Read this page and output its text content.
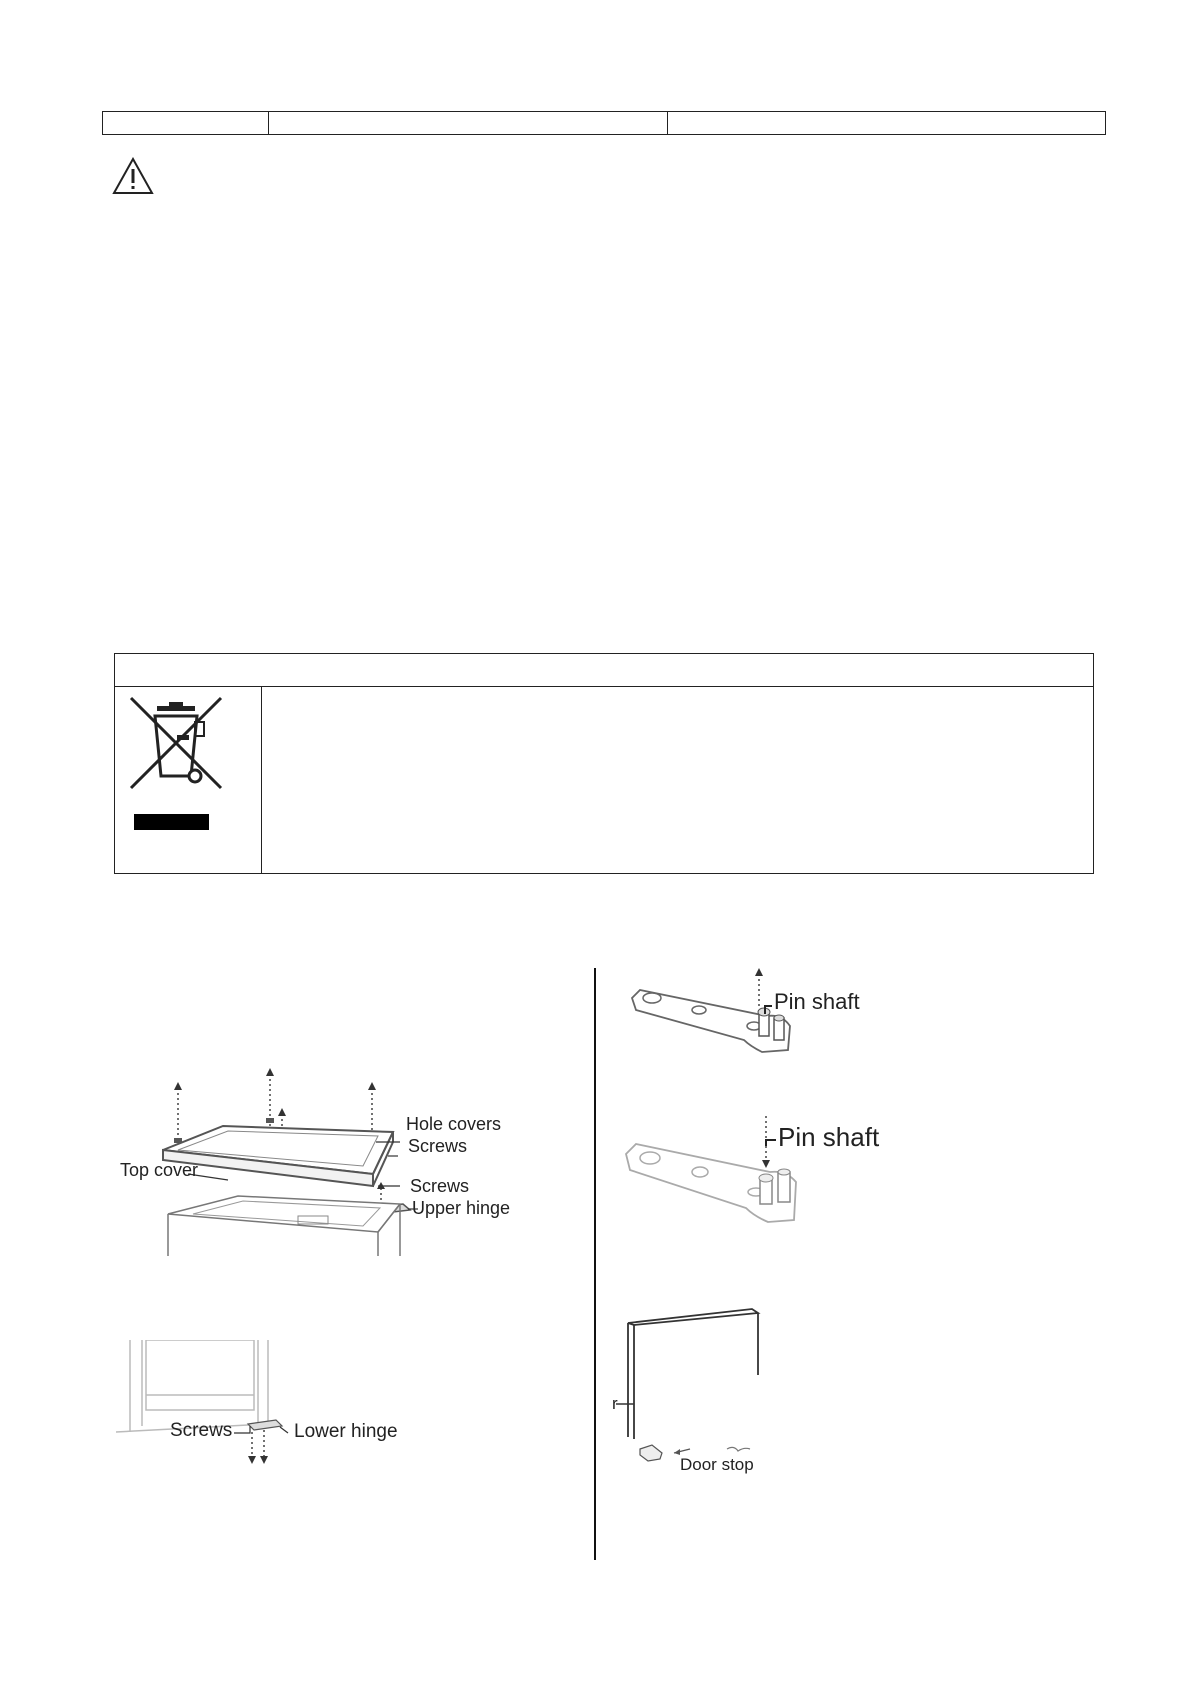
Hole covers
Screws
Top cover
Screws
Upper hinge
Screws	Lower hinge
Pin shaft
Pin shaft
r
Door stop
